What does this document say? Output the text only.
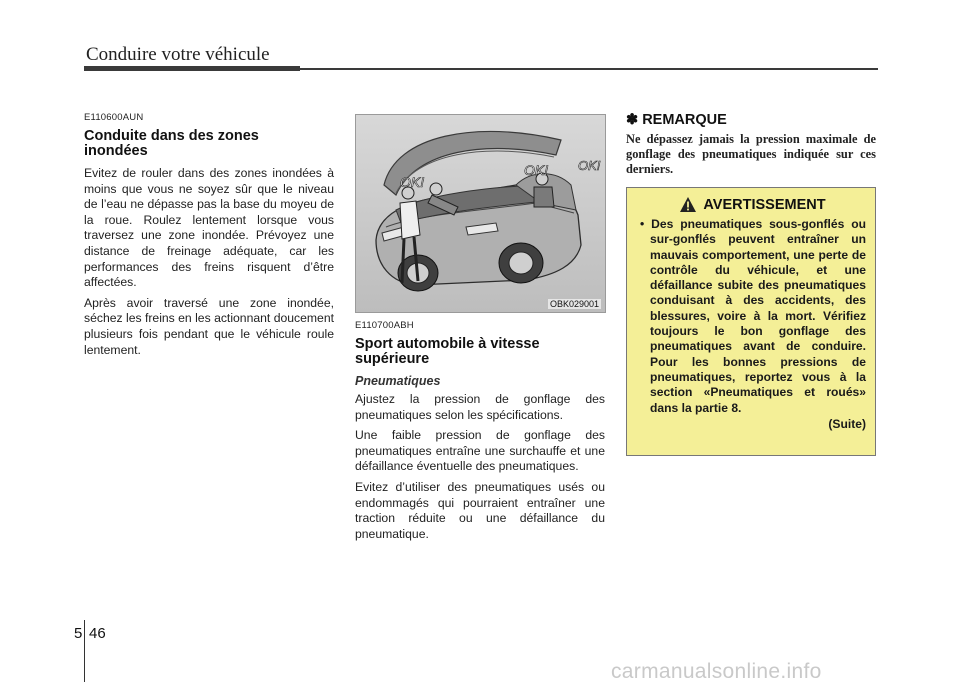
Conduire votre véhicule
E110600AUN
Conduite dans des zones
inondées

Evitez de rouler dans des zones inondées à moins que vous ne soyez sûr que le niveau de l’eau ne dépasse pas la base du moyeu de la roue. Roulez lentement lorsque vous traversez une zone inondée. Prévoyez une distance de freinage adéquate, car les performances des freins risquent d’être affectées.

Après avoir traversé une zone inondée, séchez les freins en les actionnant doucement plusieurs fois pendant que le véhicule roule lentement.

OK!
OK! OK!
OBK029001
E110700ABH
Sport automobile à vitesse
supérieure
Pneumatiques

Ajustez la pression de gonflage des pneumatiques selon les spécifications.

Une faible pression de gonflage des pneumatiques entraîne une surchauffe et une défaillance éventuelle des pneumatiques.

Evitez d’utiliser des pneumatiques usés ou endommagés qui pourraient entraîner une traction réduite ou une défaillance du pneumatique.

✽ REMARQUE

Ne dépassez jamais la pression maximale de gonflage des pneumatiques indiquée sur ces derniers.

AVERTISSEMENT

• Des pneumatiques sous-gonflés ou sur-gonflés peuvent entraîner un mauvais comportement, une perte de contrôle du véhicule, et une défaillance subite des pneumatiques conduisant à des accidents, des blessures, voire à la mort. Vérifiez toujours le bon gonflage des pneumatiques avant de conduire. Pour les bonnes pressions de pneumatiques, reportez vous à la section «Pneumatiques et roués» dans la partie 8.

(Suite)
5 46
carmanualsonline.info
